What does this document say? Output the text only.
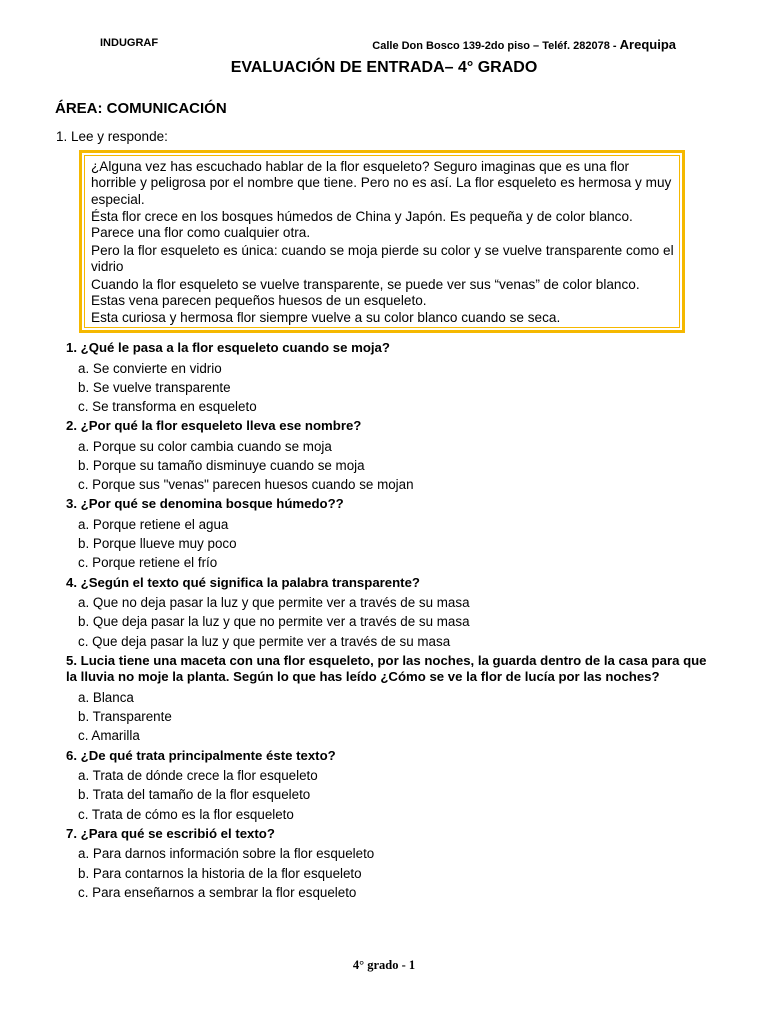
INDUGRAF	Calle Don Bosco 139-2do piso – Teléf. 282078 - Arequipa
EVALUACIÓN DE ENTRADA– 4° GRADO
ÁREA: COMUNICACIÓN
1. Lee y responde:

¿Alguna vez has escuchado hablar de la flor esqueleto? Seguro imaginas que es una flor horrible y peligrosa por el nombre que tiene. Pero no es así. La flor esqueleto es hermosa y muy especial.

Ésta flor crece en los bosques húmedos de China y Japón. Es pequeña y de color blanco. Parece una flor como cualquier otra.

Pero la flor esqueleto es única: cuando se moja pierde su color y se vuelve transparente como el vidrio

Cuando la flor esqueleto se vuelve transparente, se puede ver sus “venas” de color blanco. Estas vena parecen pequeños huesos de un esqueleto.

Esta curiosa y hermosa flor siempre vuelve a su color blanco cuando se seca.

1. ¿Qué le pasa a la flor esqueleto cuando se moja?
a. Se convierte en vidrio
b. Se vuelve transparente
c. Se transforma en esqueleto
2. ¿Por qué la flor esqueleto lleva ese nombre?
a. Porque su color cambia cuando se moja
b. Porque su tamaño disminuye cuando se moja
c. Porque sus "venas" parecen huesos cuando se mojan
3. ¿Por qué se denomina bosque húmedo??
a. Porque retiene el agua
b. Porque llueve muy poco
c. Porque retiene el frío
4. ¿Según el texto qué significa la palabra transparente?
a. Que no deja pasar la luz y que permite ver a través de su masa
b. Que deja pasar la luz y que no permite ver a través de su masa
c. Que deja pasar la luz y que permite ver a través de su masa
5. Lucia tiene una maceta con una flor esqueleto, por las noches, la guarda dentro de la casa para que la lluvia no moje la planta. Según lo que has leído ¿Cómo se ve la flor de lucía por las noches?
a. Blanca
b. Transparente
c. Amarilla
6. ¿De qué trata principalmente éste texto?
a. Trata de dónde crece la flor esqueleto
b. Trata del tamaño de la flor esqueleto
c. Trata de cómo es la flor esqueleto
7. ¿Para qué se escribió el texto?
a. Para darnos información sobre la flor esqueleto
b. Para contarnos la historia de la flor esqueleto
c. Para enseñarnos a sembrar la flor esqueleto
4° grado - 1
